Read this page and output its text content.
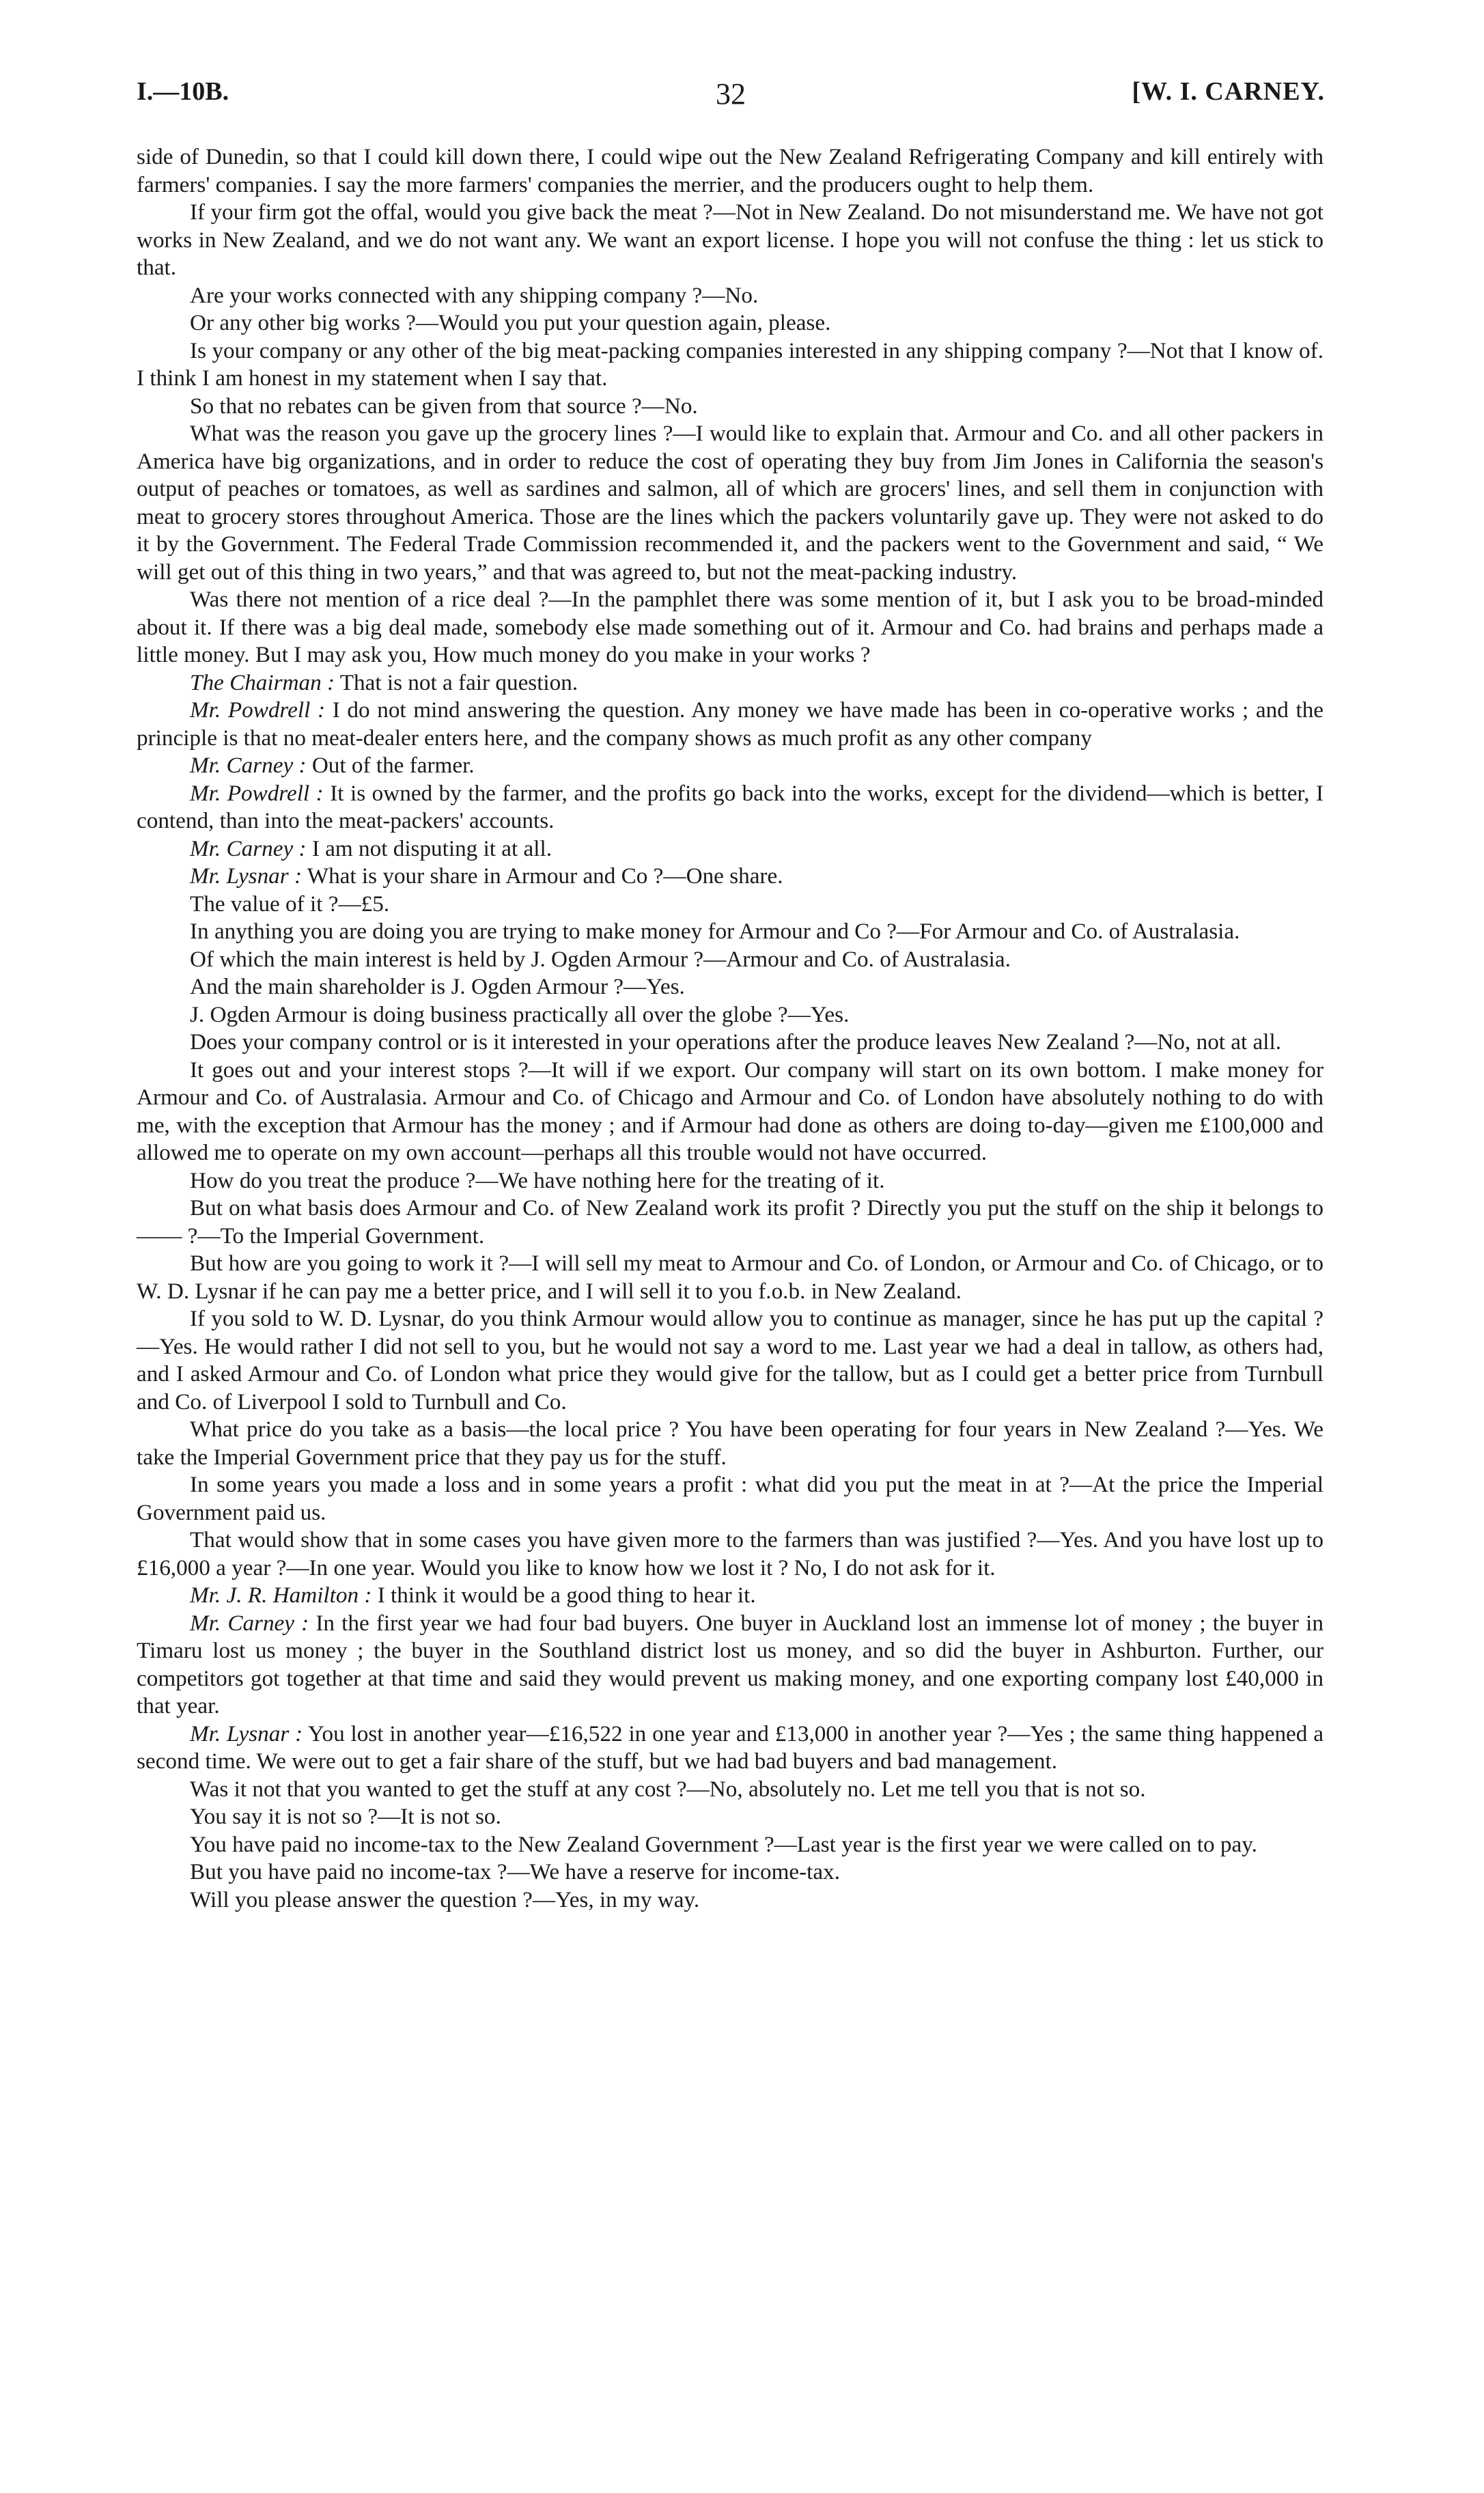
I.—10B.	32	[W. I. CARNEY.

side of Dunedin, so that I could kill down there, I could wipe out the New Zealand Refrigerating Company and kill entirely with farmers' companies. I say the more farmers' companies the merrier, and the producers ought to help them.

If your firm got the offal, would you give back the meat ?—Not in New Zealand. Do not misunderstand me. We have not got works in New Zealand, and we do not want any. We want an export license. I hope you will not confuse the thing : let us stick to that.

Are your works connected with any shipping company ?—No.

Or any other big works ?—Would you put your question again, please.

Is your company or any other of the big meat-packing companies interested in any shipping company ?—Not that I know of. I think I am honest in my statement when I say that.

So that no rebates can be given from that source ?—No.

What was the reason you gave up the grocery lines ?—I would like to explain that. Armour and Co. and all other packers in America have big organizations, and in order to reduce the cost of operating they buy from Jim Jones in California the season's output of peaches or tomatoes, as well as sardines and salmon, all of which are grocers' lines, and sell them in conjunction with meat to grocery stores throughout America. Those are the lines which the packers voluntarily gave up. They were not asked to do it by the Government. The Federal Trade Commission recommended it, and the packers went to the Government and said, “ We will get out of this thing in two years,” and that was agreed to, but not the meat-packing industry.

Was there not mention of a rice deal ?—In the pamphlet there was some mention of it, but I ask you to be broad-minded about it. If there was a big deal made, somebody else made something out of it. Armour and Co. had brains and perhaps made a little money. But I may ask you, How much money do you make in your works ?

The Chairman : That is not a fair question.

Mr. Powdrell : I do not mind answering the question. Any money we have made has been in co-operative works ; and the principle is that no meat-dealer enters here, and the company shows as much profit as any other company

Mr. Carney : Out of the farmer.

Mr. Powdrell : It is owned by the farmer, and the profits go back into the works, except for the dividend—which is better, I contend, than into the meat-packers' accounts.

Mr. Carney : I am not disputing it at all.

Mr. Lysnar : What is your share in Armour and Co ?—One share.

The value of it ?—£5.

In anything you are doing you are trying to make money for Armour and Co ?—For Armour and Co. of Australasia.

Of which the main interest is held by J. Ogden Armour ?—Armour and Co. of Australasia.

And the main shareholder is J. Ogden Armour ?—Yes.

J. Ogden Armour is doing business practically all over the globe ?—Yes.

Does your company control or is it interested in your operations after the produce leaves New Zealand ?—No, not at all.

It goes out and your interest stops ?—It will if we export. Our company will start on its own bottom. I make money for Armour and Co. of Australasia. Armour and Co. of Chicago and Armour and Co. of London have absolutely nothing to do with me, with the exception that Armour has the money ; and if Armour had done as others are doing to-day—given me £100,000 and allowed me to operate on my own account—perhaps all this trouble would not have occurred.

How do you treat the produce ?—We have nothing here for the treating of it.

But on what basis does Armour and Co. of New Zealand work its profit ? Directly you put the stuff on the ship it belongs to—— ?—To the Imperial Government.

But how are you going to work it ?—I will sell my meat to Armour and Co. of London, or Armour and Co. of Chicago, or to W. D. Lysnar if he can pay me a better price, and I will sell it to you f.o.b. in New Zealand.

If you sold to W. D. Lysnar, do you think Armour would allow you to continue as manager, since he has put up the capital ?—Yes. He would rather I did not sell to you, but he would not say a word to me. Last year we had a deal in tallow, as others had, and I asked Armour and Co. of London what price they would give for the tallow, but as I could get a better price from Turnbull and Co. of Liverpool I sold to Turnbull and Co.

What price do you take as a basis—the local price ? You have been operating for four years in New Zealand ?—Yes. We take the Imperial Government price that they pay us for the stuff.

In some years you made a loss and in some years a profit : what did you put the meat in at ?—At the price the Imperial Government paid us.

That would show that in some cases you have given more to the farmers than was justified ?—Yes. And you have lost up to £16,000 a year ?—In one year. Would you like to know how we lost it ? No, I do not ask for it.

Mr. J. R. Hamilton : I think it would be a good thing to hear it.

Mr. Carney : In the first year we had four bad buyers. One buyer in Auckland lost an immense lot of money ; the buyer in Timaru lost us money ; the buyer in the Southland district lost us money, and so did the buyer in Ashburton. Further, our competitors got together at that time and said they would prevent us making money, and one exporting company lost £40,000 in that year.

Mr. Lysnar : You lost in another year—£16,522 in one year and £13,000 in another year ?—Yes ; the same thing happened a second time. We were out to get a fair share of the stuff, but we had bad buyers and bad management.

Was it not that you wanted to get the stuff at any cost ?—No, absolutely no. Let me tell you that is not so.

You say it is not so ?—It is not so.

You have paid no income-tax to the New Zealand Government ?—Last year is the first year we were called on to pay.

But you have paid no income-tax ?—We have a reserve for income-tax.

Will you please answer the question ?—Yes, in my way.
